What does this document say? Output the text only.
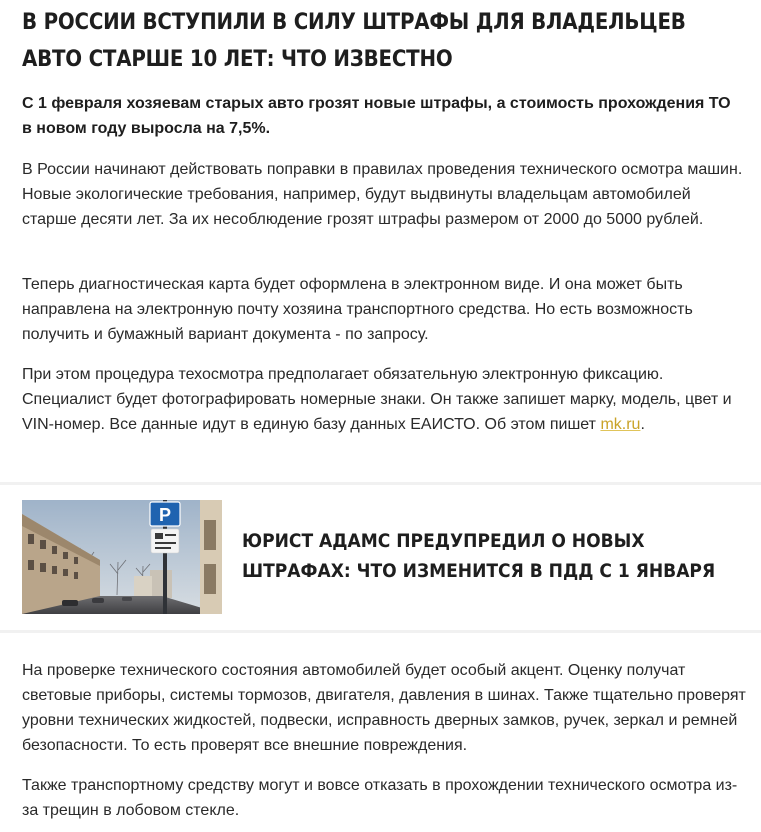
В РОССИИ ВСТУПИЛИ В СИЛУ ШТРАФЫ ДЛЯ ВЛАДЕЛЬЦЕВ АВТО СТАРШЕ 10 ЛЕТ: ЧТО ИЗВЕСТНО

С 1 февраля хозяевам старых авто грозят новые штрафы, а стоимость прохождения ТО в новом году выросла на 7,5%.

В России начинают действовать поправки в правилах проведения технического осмотра машин. Новые экологические требования, например, будут выдвинуты владельцам автомобилей старше десяти лет. За их несоблюдение грозят штрафы размером от 2000 до 5000 рублей.

Теперь диагностическая карта будет оформлена в электронном виде. И она может быть направлена на электронную почту хозяина транспортного средства. Но есть возможность получить и бумажный вариант документа - по запросу.

При этом процедура техосмотра предполагает обязательную электронную фиксацию. Специалист будет фотографировать номерные знаки. Он также запишет марку, модель, цвет и VIN-номер. Все данные идут в единую базу данных ЕАИСТО. Об этом пишет mk.ru.

P
ЮРИСТ АДАМС ПРЕДУПРЕДИЛ О НОВЫХ ШТРАФАХ: ЧТО ИЗМЕНИТСЯ В ПДД С 1 ЯНВАРЯ

На проверке технического состояния автомобилей будет особый акцент. Оценку получат световые приборы, системы тормозов, двигателя, давления в шинах. Также тщательно проверят уровни технических жидкостей, подвески, исправность дверных замков, ручек, зеркал и ремней безопасности. То есть проверят все внешние повреждения.

Также транспортному средству могут и вовсе отказать в прохождении технического осмотра из-за трещин в лобовом стекле.
